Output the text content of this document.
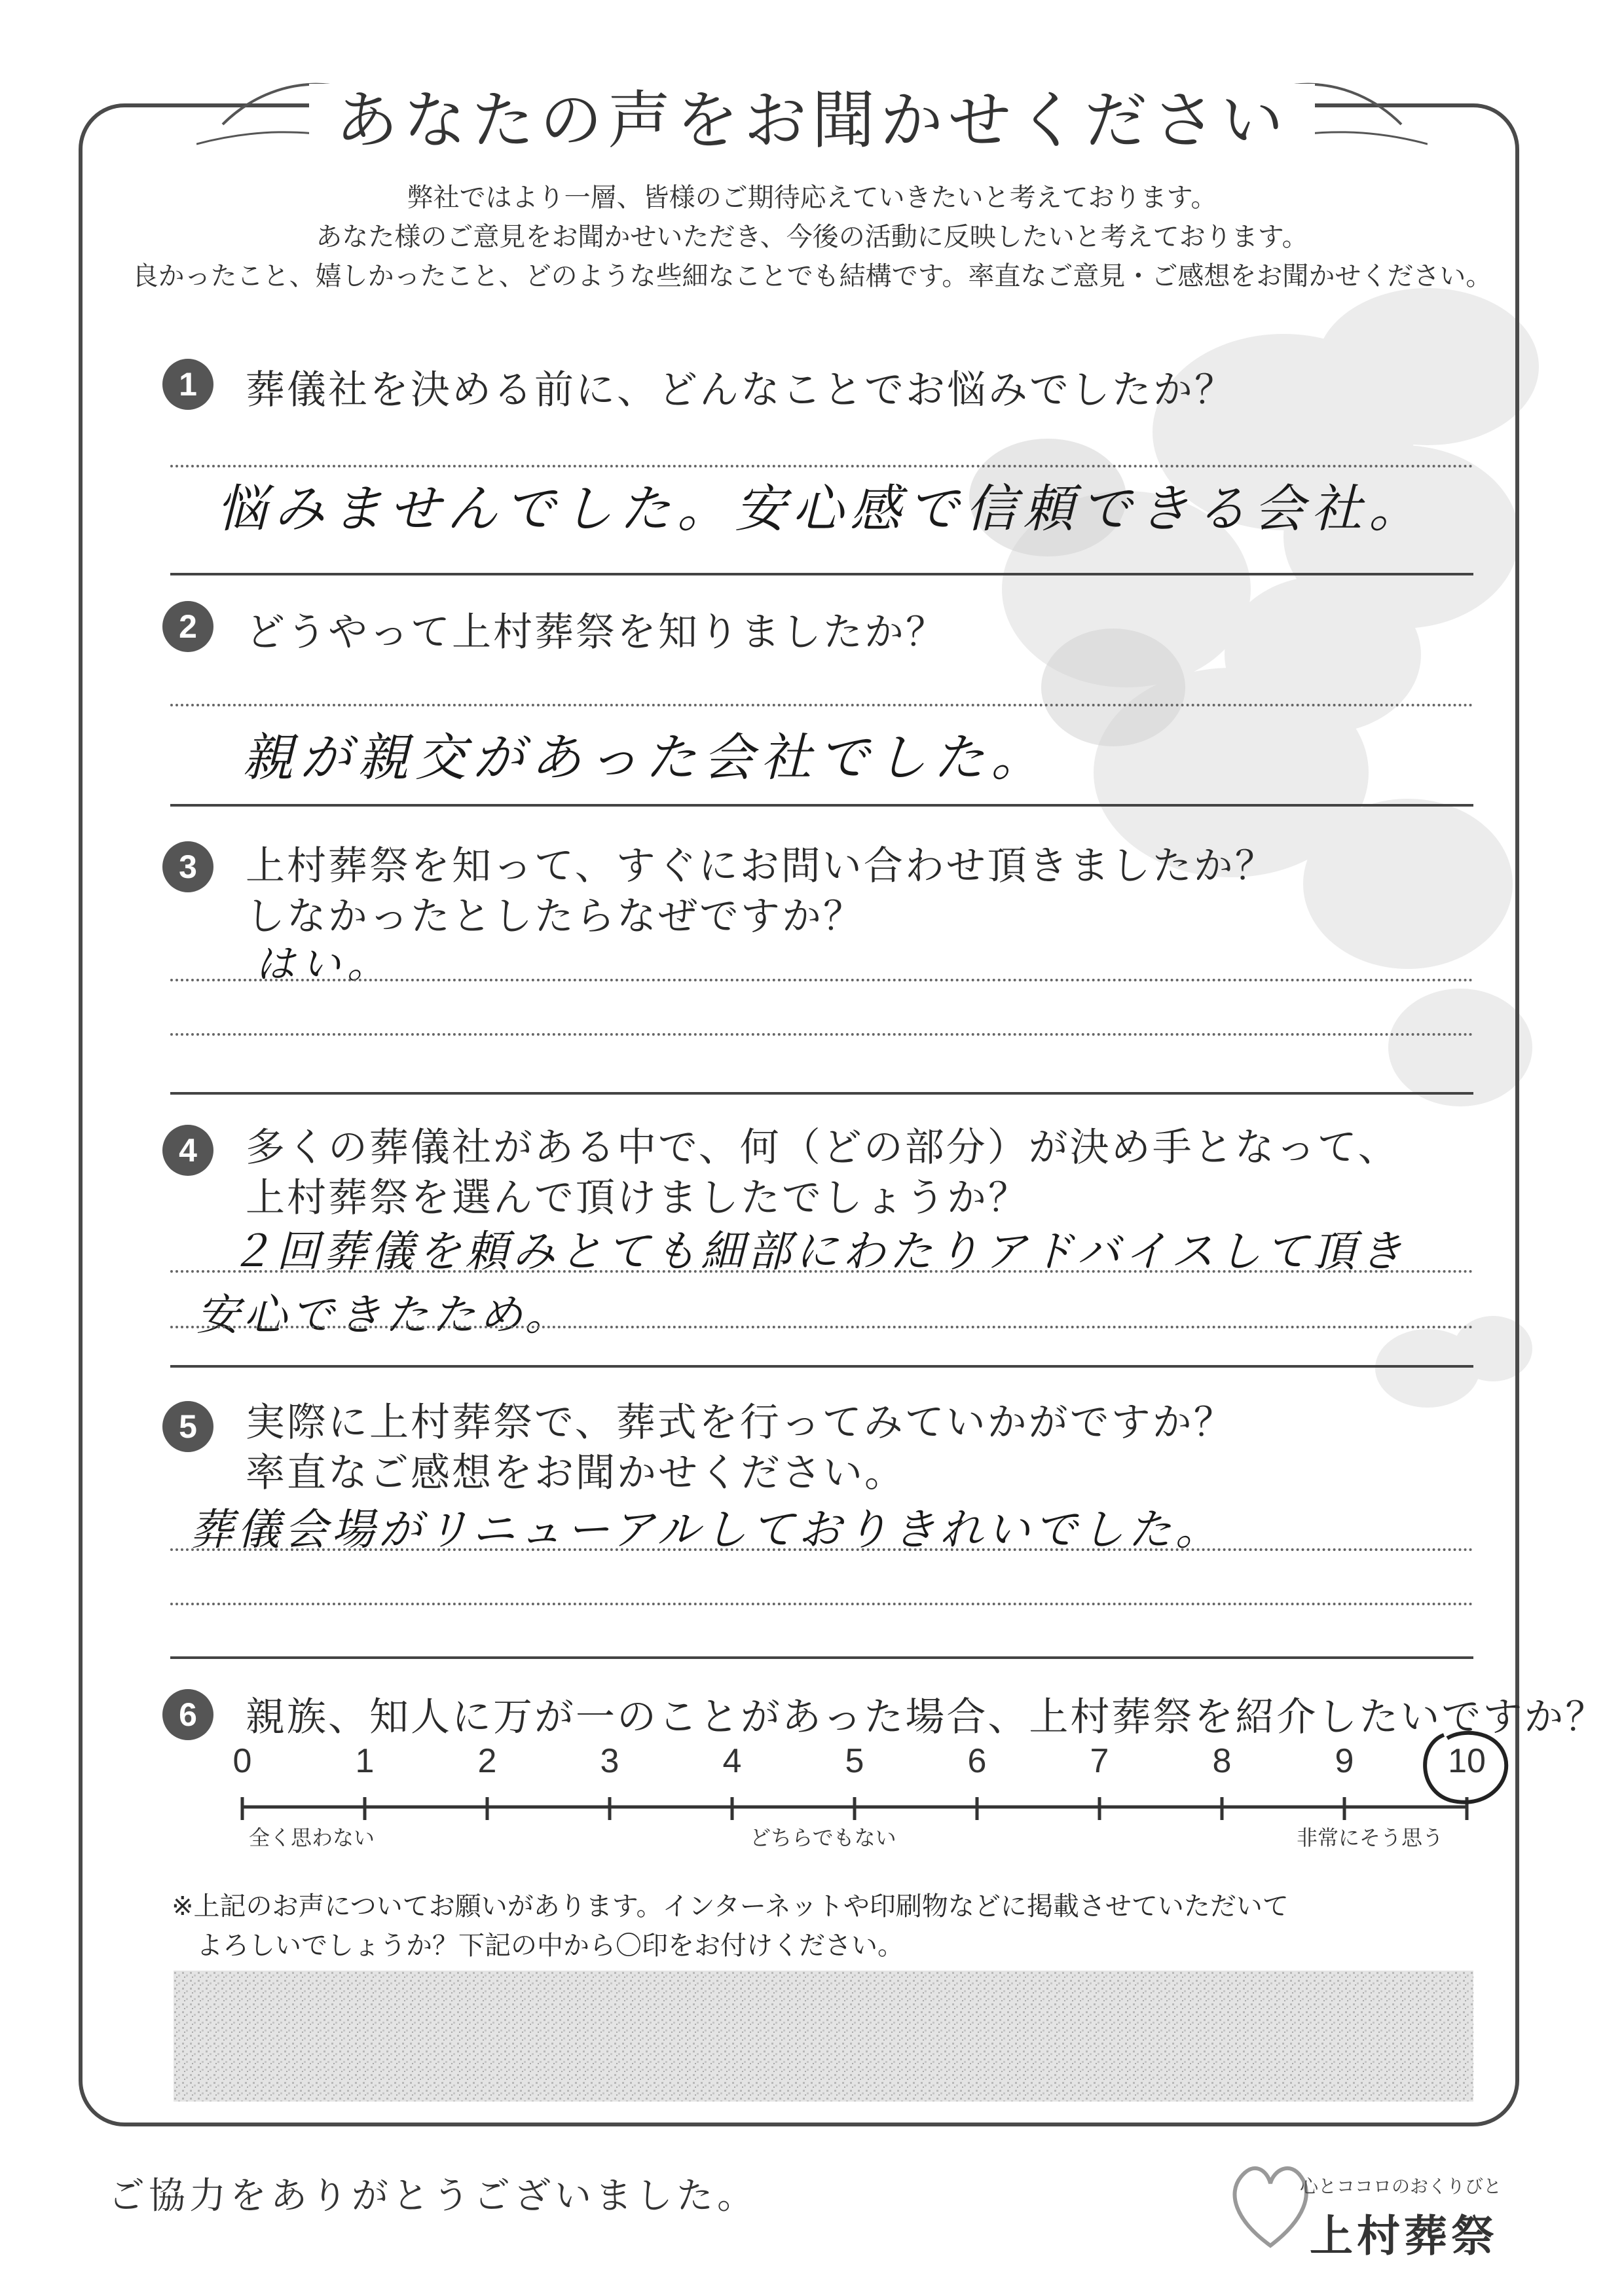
あなたの声をお聞かせください
弊社ではより一層、皆様のご期待応えていきたいと考えております。
あなた様のご意見をお聞かせいただき、今後の活動に反映したいと考えております。
良かったこと、嬉しかったこと、どのような些細なことでも結構です。率直なご意見・ご感想をお聞かせください。
1	葬儀社を決める前に、どんなことでお悩みでしたか？
悩みませんでした。安心感で信頼できる会社。
2	どうやって上村葬祭を知りましたか？
親が親交があった会社でした。
3	上村葬祭を知って、すぐにお問い合わせ頂きましたか？
しなかったとしたらなぜですか？
はい。
4	多くの葬儀社がある中で、何（どの部分）が決め手となって、
上村葬祭を選んで頂けましたでしょうか？
２回葬儀を頼みとても細部にわたりアドバイスして頂き
安心できたため。
5	実際に上村葬祭で、葬式を行ってみていかがですか？
率直なご感想をお聞かせください。
葬儀会場がリニューアルしておりきれいでした。
6	親族、知人に万が一のことがあった場合、上村葬祭を紹介したいですか？
0	1	2	3	4	5	6	7	8	9	10
全く思わない	どちらでもない	非常にそう思う
※上記のお声についてお願いがあります。インターネットや印刷物などに掲載させていただいて
よろしいでしょうか？下記の中から〇印をお付けください。
ご協力をありがとうございました。	心とココロのおくりびと
上村葬祭
